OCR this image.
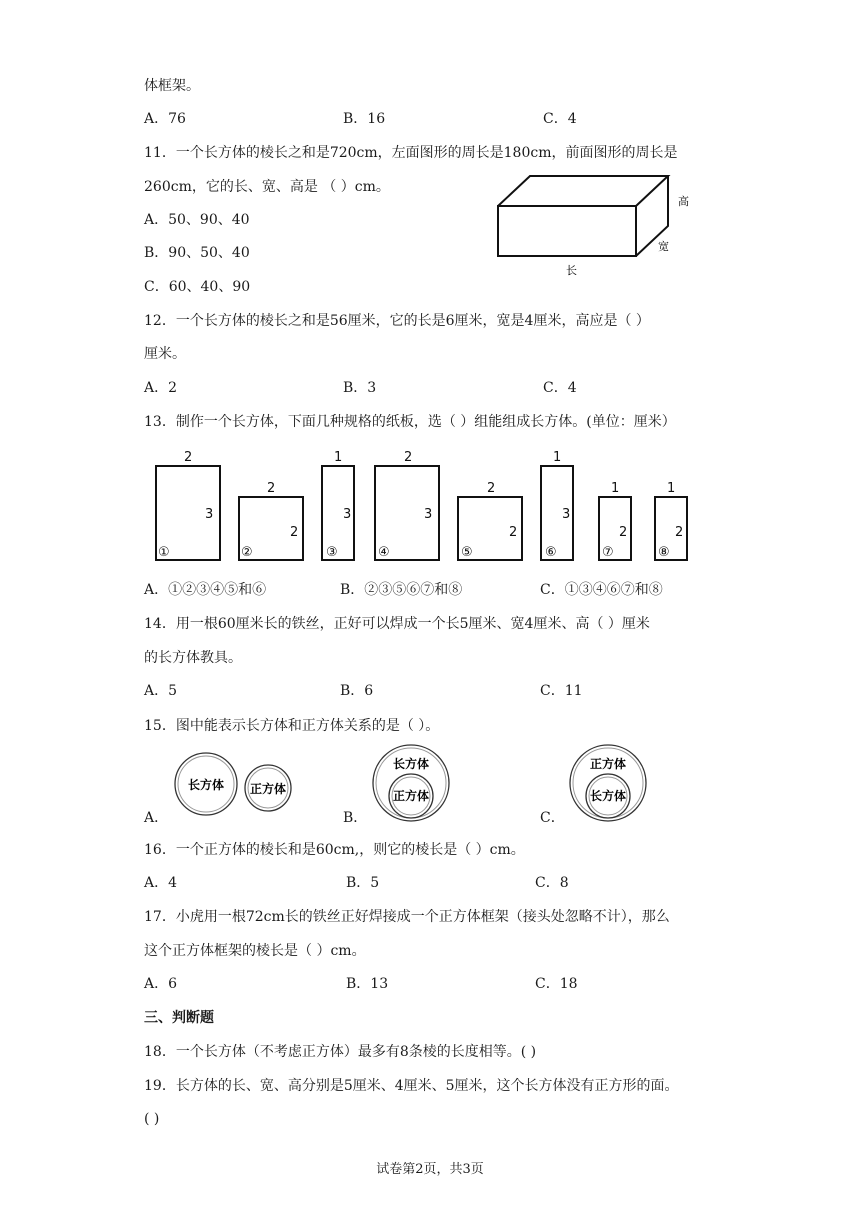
体框架。
A．76	B．16	C．4
11．一个长方体的棱长之和是720cm，左面图形的周长是180cm，前面图形的周长是
260cm，它的长、宽、高是 （ ）cm。
A．50、90、40
B．90、50、40
C．60、40、90
高
宽
长
12．一个长方体的棱长之和是56厘米，它的长是6厘米，宽是4厘米，高应是（ ）
厘米。
A．2	B．3	C．4
13．制作一个长方体，下面几种规格的纸板，选（ ）组能组成长方体。(单位：厘米）
2
3
①
2
2
②
1
3
③
2
3
④
2
2
⑤
1
3
⑥
1
2
⑦
1
2
⑧
A．①②③④⑤和⑥	B．②③⑤⑥⑦和⑧	C．①③④⑥⑦和⑧
14．用一根60厘米长的铁丝，正好可以焊成一个长5厘米、宽4厘米、高（ ）厘米
的长方体教具。
A．5	B．6	C．11
15．图中能表示长方体和正方体关系的是（ ）。
长方体 正方体
长方体
正方体
正方体
长方体
A．	B．	C．
16．一个正方体的棱长和是60cm,，则它的棱长是（ ）cm。
A．4	B．5	C．8
17．小虎用一根72cm长的铁丝正好焊接成一个正方体框架（接头处忽略不计），那么
这个正方体框架的棱长是（ ）cm。
A．6	B．13	C．18
三、判断题
18．一个长方体（不考虑正方体）最多有8条棱的长度相等。( )
19．长方体的长、宽、高分别是5厘米、4厘米、5厘米，这个长方体没有正方形的面。
( )
试卷第2页，共3页
